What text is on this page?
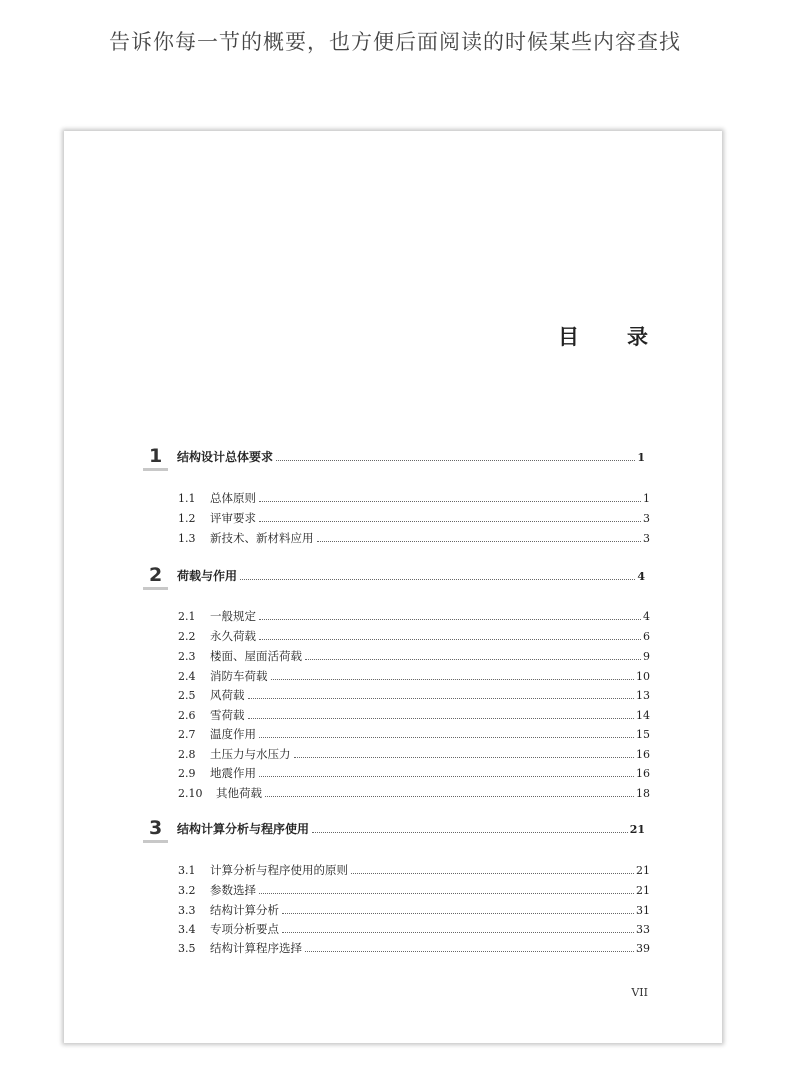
告诉你每一节的概要，也方便后面阅读的时候某些内容查找
目 录
1 结构设计总体要求	1
1.1	总体原则	1
1.2	评审要求	3
1.3	新技术、新材料应用	3
2 荷载与作用	4
2.1	一般规定	4
2.2	永久荷载	6
2.3	楼面、屋面活荷载	9
2.4	消防车荷载	10
2.5	风荷载	13
2.6	雪荷载	14
2.7	温度作用	15
2.8	土压力与水压力	16
2.9	地震作用	16
2.10	其他荷载	18
3 结构计算分析与程序使用	21
3.1	计算分析与程序使用的原则	21
3.2	参数选择	21
3.3	结构计算分析	31
3.4	专项分析要点	33
3.5	结构计算程序选择	39
VII
